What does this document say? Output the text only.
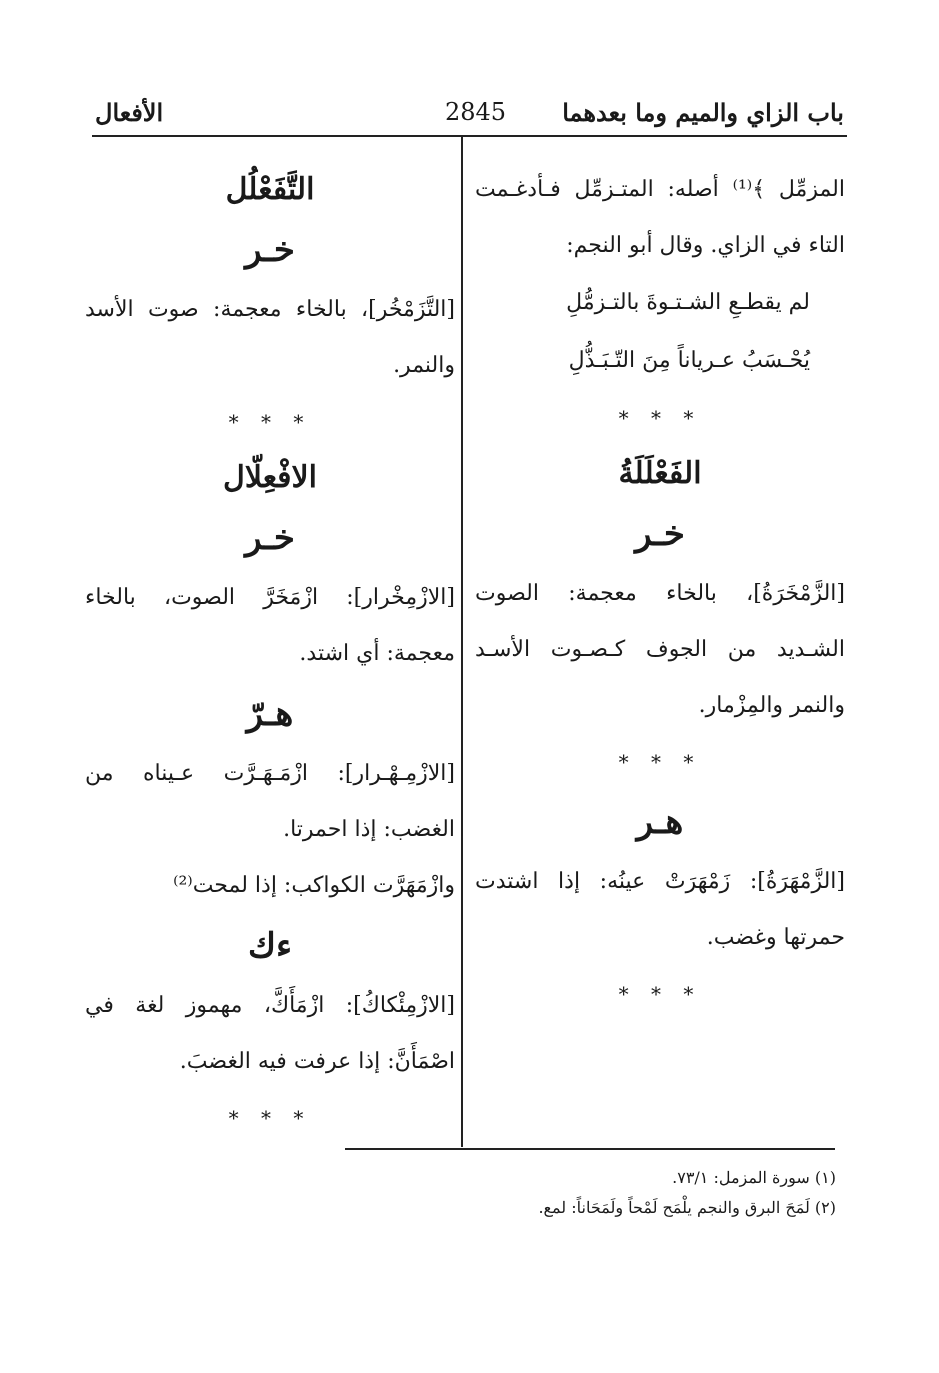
باب الزاي والميم وما بعدهما
2845
الأفعال

المزمِّل ﴾⁽¹⁾ أصله: المتـزمِّل فـأدغـمت التاء في الزاي. وقال أبو النجم:

لم يقطـعِ الشـتـوةَ بالتـزمُّلِ

يُحْـسَبُ عـرياناً مِنَ التّـبَـذُّلِ

* * *

الفَعْلَلَةُ

خـر

[الزَّمْخَرَةُ]، بالخاء معجمة: الصوت الشـديد من الجوف كـصـوت الأسـد والنمر والمِزْمار.

* * *

هـر

[الزَّمْهَرَةُ]: زَمْهَرَتْ عينُه: إذا اشتدت حمرتها وغضب.

* * *

التَّفَعْلُل

خـر

[التَّزَمْخُر]، بالخاء معجمة: صوت الأسد والنمر.

* * *

الافْعِلّال

خـر

[الازْمِخْرار]: ازْمَخَرَّ الصوت، بالخاء معجمة: أي اشتد.

هـرّ

[الازْمِـهْـرار]: ازْمَـهَـرَّت عـيناه من الغضب: إذا احمرتا.

وازْمَهَرَّت الكواكب: إذا لمحت⁽²⁾

ءك

[الازْمِئْكاكُ]: ازْمَأَكَّ، مهموز لغة في اصْمَأَنَّ: إذا عرفت فيه الغضبَ.

* * *

(١) سورة المزمل: ٧٣/١.

(٢) لَمَحَ البرق والنجم يلْمَح لَمْحاً ولَمَحَاناً: لمع.
